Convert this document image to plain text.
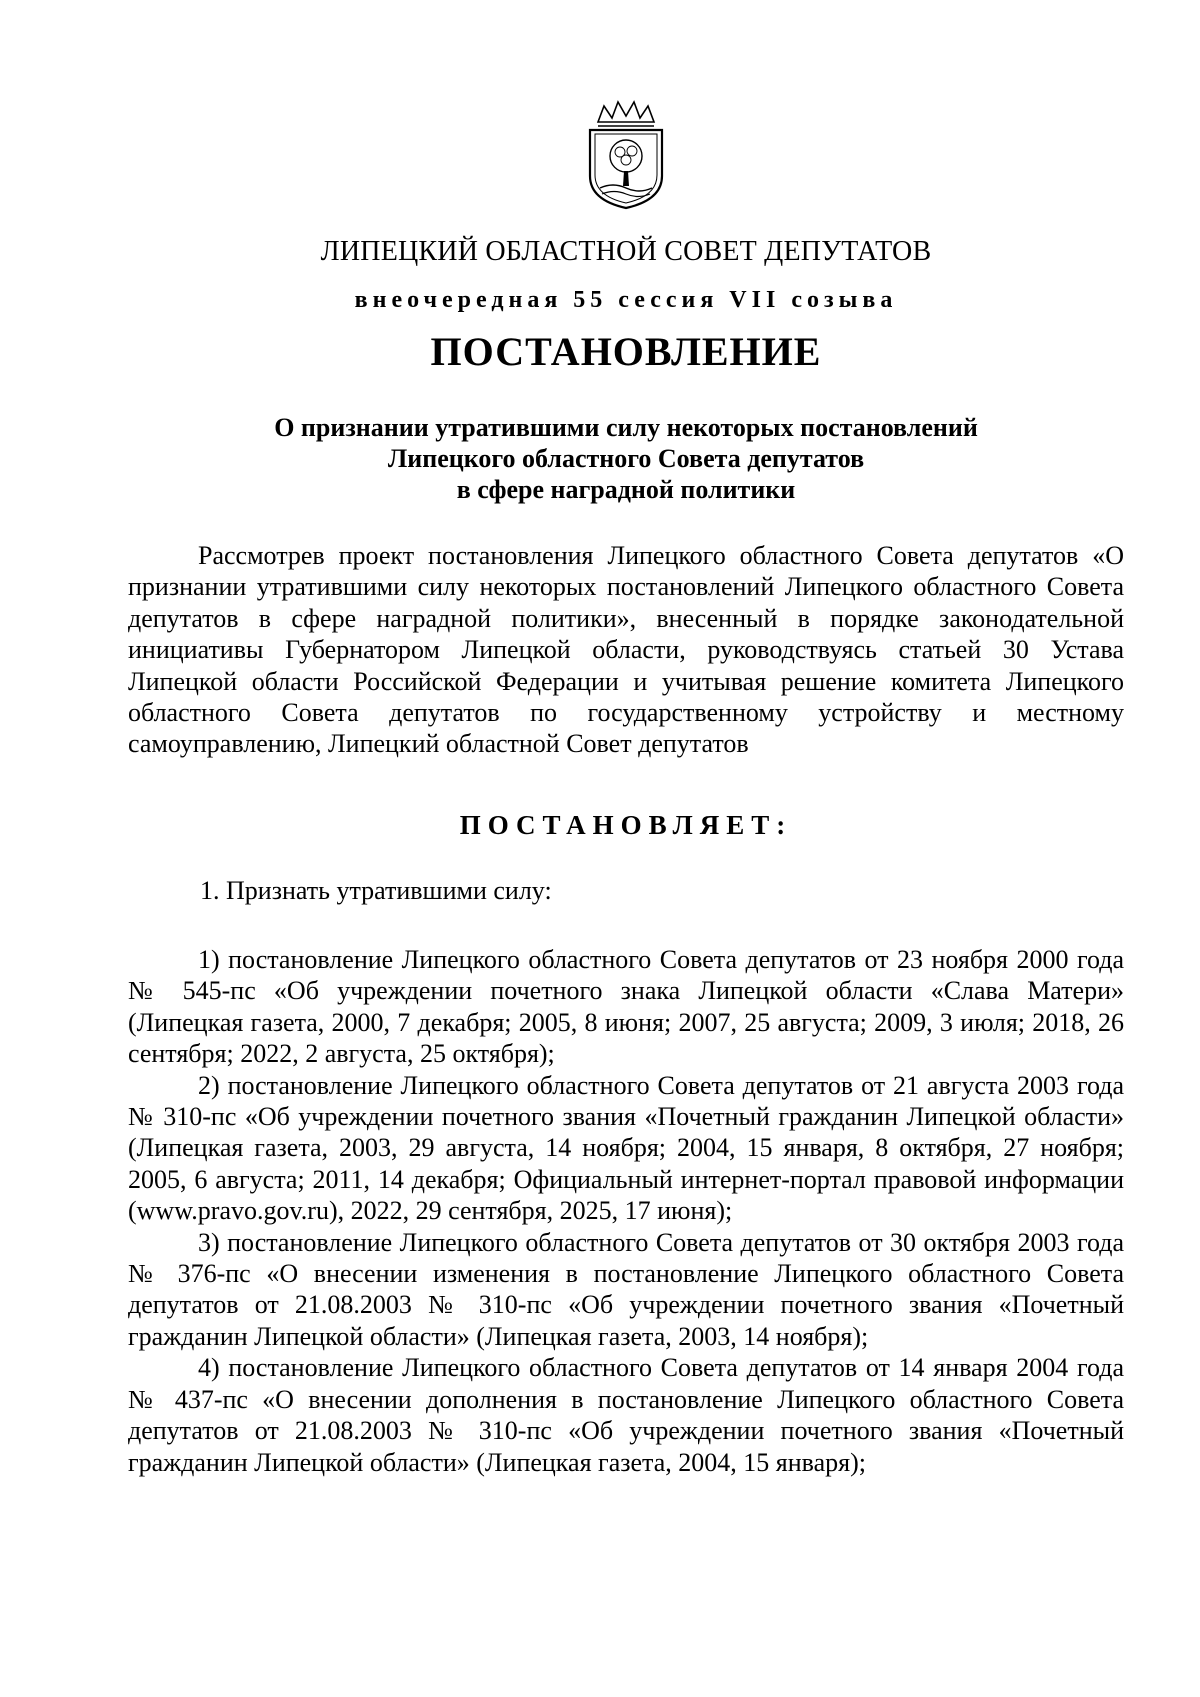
ЛИПЕЦКИЙ ОБЛАСТНОЙ СОВЕТ ДЕПУТАТОВ
внеочередная 55 сессия VII созыва
ПОСТАНОВЛЕНИЕ
О признании утратившими силу некоторых постановлений
Липецкого областного Совета депутатов
в сфере наградной политики
Рассмотрев проект постановления Липецкого областного Совета депутатов «О признании утратившими силу некоторых постановлений Липецкого областного Совета депутатов в сфере наградной политики», внесенный в порядке законодательной инициативы Губернатором Липецкой области, руководствуясь статьей 30 Устава Липецкой области Российской Федерации и учитывая решение комитета Липецкого областного Совета депутатов по государственному устройству и местному самоуправлению, Липецкий областной Совет депутатов
ПОСТАНОВЛЯЕТ:
1. Признать утратившими силу:

1) постановление Липецкого областного Совета депутатов от 23 ноября 2000 года № 545-пс «Об учреждении почетного знака Липецкой области «Слава Матери» (Липецкая газета, 2000, 7 декабря; 2005, 8 июня; 2007, 25 августа; 2009, 3 июля; 2018, 26 сентября; 2022, 2 августа, 25 октября);

2) постановление Липецкого областного Совета депутатов от 21 августа 2003 года № 310-пс «Об учреждении почетного звания «Почетный гражданин Липецкой области» (Липецкая газета, 2003, 29 августа, 14 ноября; 2004, 15 января, 8 октября, 27 ноября; 2005, 6 августа; 2011, 14 декабря; Официальный интернет-портал правовой информации (www.pravo.gov.ru), 2022, 29 сентября, 2025, 17 июня);

3) постановление Липецкого областного Совета депутатов от 30 октября 2003 года № 376-пс «О внесении изменения в постановление Липецкого областного Совета депутатов от 21.08.2003 № 310-пс «Об учреждении почетного звания «Почетный гражданин Липецкой области» (Липецкая газета, 2003, 14 ноября);

4) постановление Липецкого областного Совета депутатов от 14 января 2004 года № 437-пс «О внесении дополнения в постановление Липецкого областного Совета депутатов от 21.08.2003 № 310-пс «Об учреждении почетного звания «Почетный гражданин Липецкой области» (Липецкая газета, 2004, 15 января);
